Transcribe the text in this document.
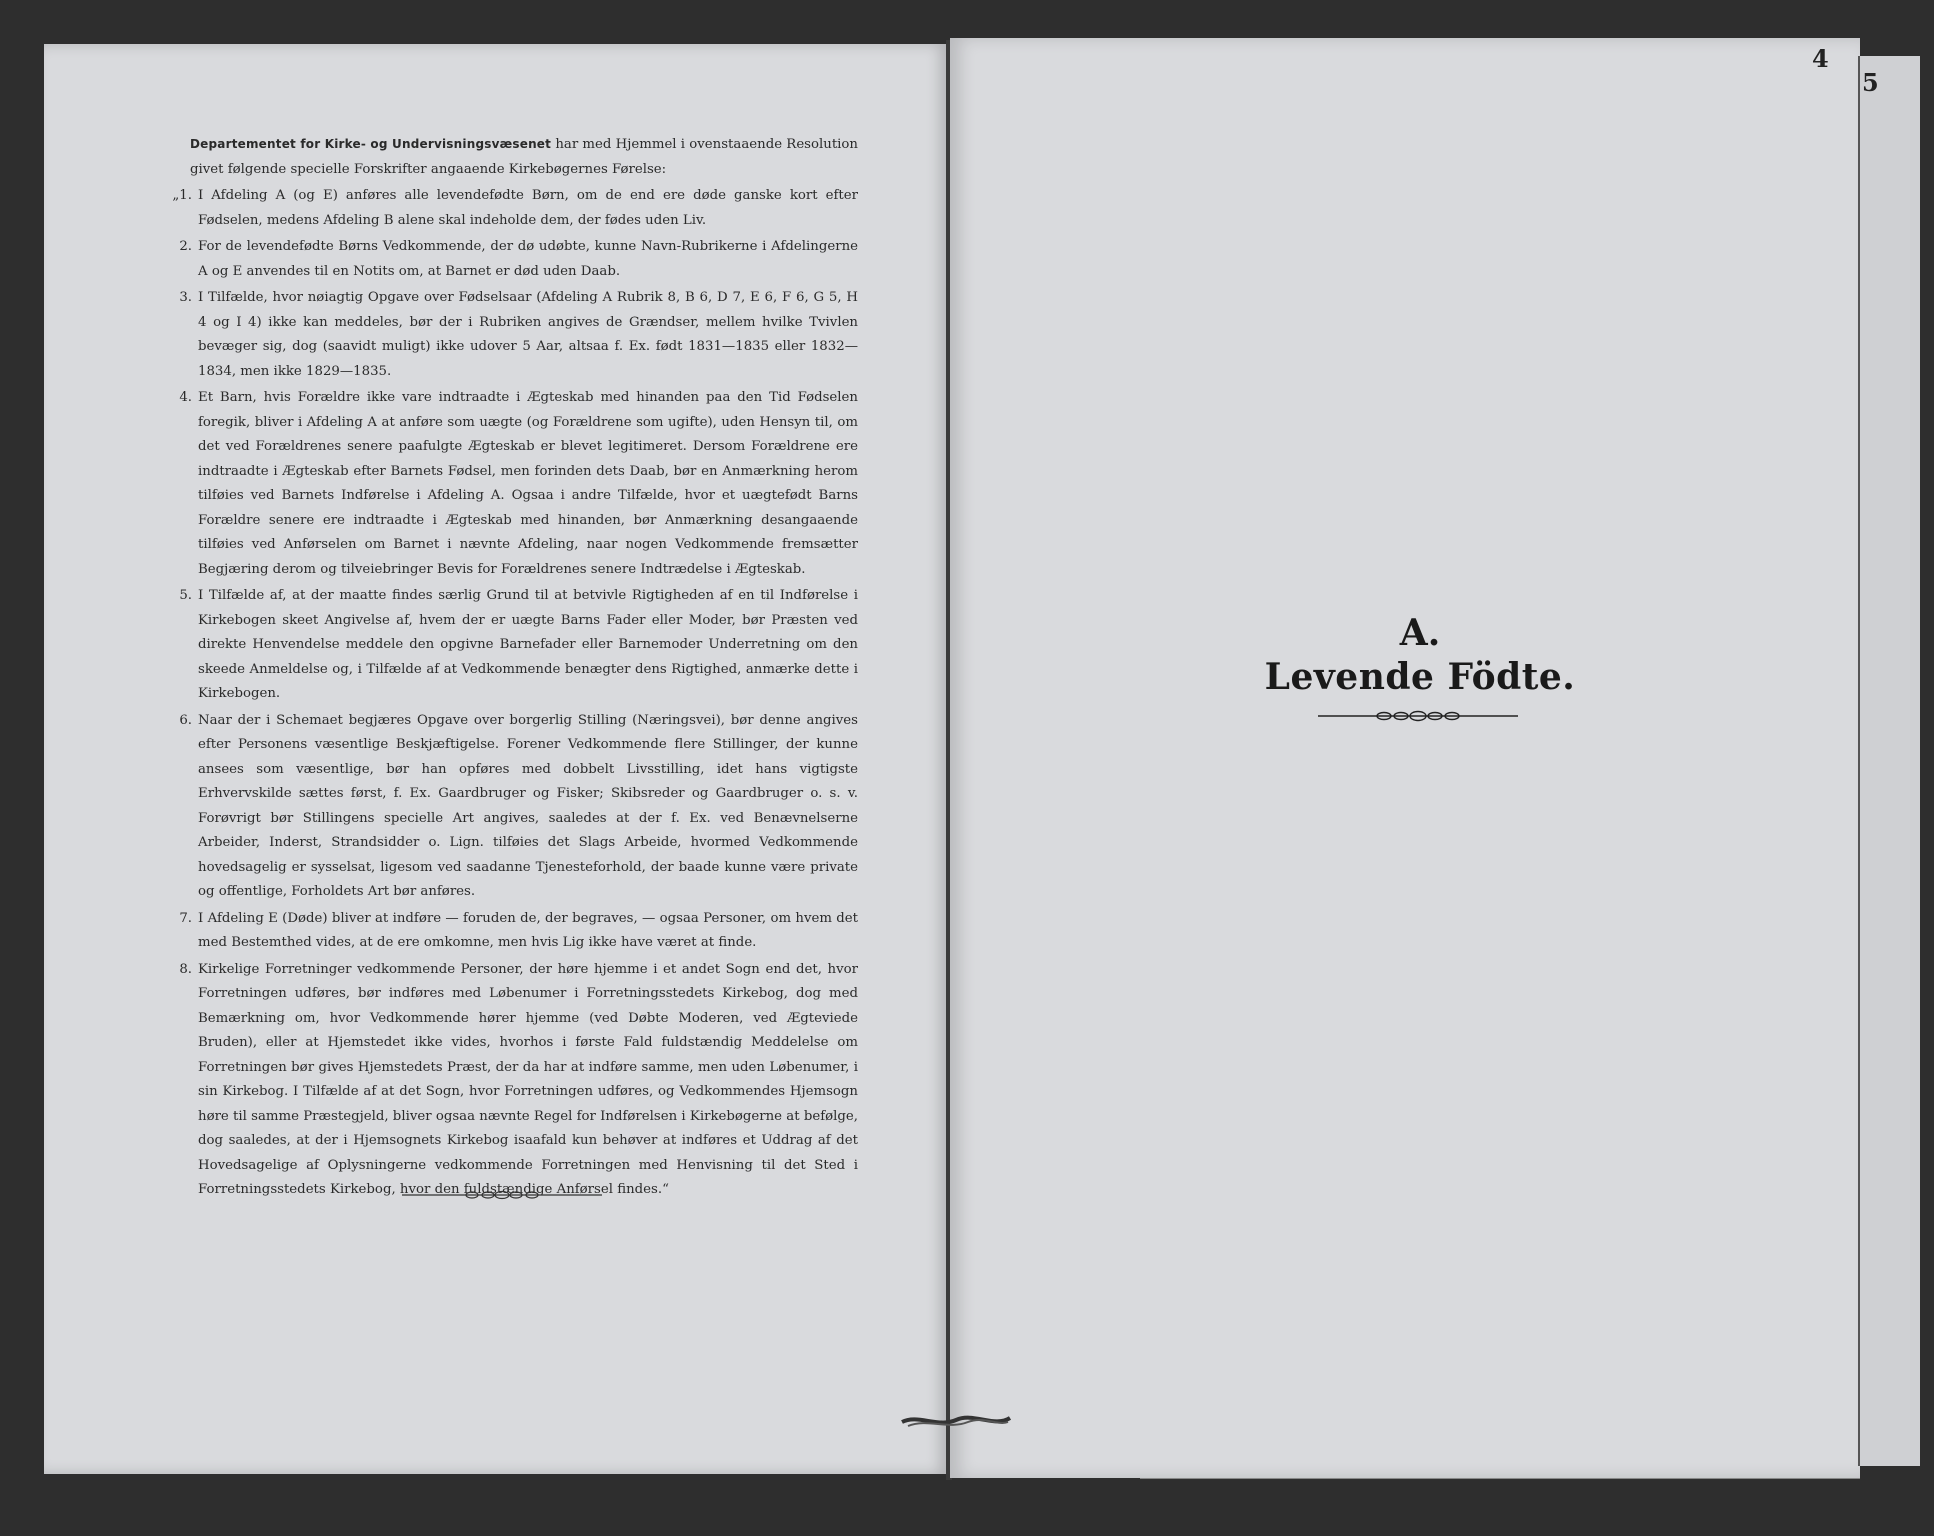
Departementet for Kirke- og Undervisningsvæsenet har med Hjemmel i ovenstaaende Resolution givet følgende specielle Forskrifter angaaende Kirkebøgernes Førelse:
„1. I Afdeling A (og E) anføres alle levendefødte Børn, om de end ere døde ganske kort efter Fødselen, medens Afdeling B alene skal indeholde dem, der fødes uden Liv.
2. For de levendefødte Børns Vedkommende, der dø udøbte, kunne Navn-Rubrikerne i Afdelingerne A og E anvendes til en Notits om, at Barnet er død uden Daab.
3. I Tilfælde, hvor nøiagtig Opgave over Fødselsaar (Afdeling A Rubrik 8, B 6, D 7, E 6, F 6, G 5, H 4 og I 4) ikke kan meddeles, bør der i Rubriken angives de Grændser, mellem hvilke Tvivlen bevæger sig, dog (saavidt muligt) ikke udover 5 Aar, altsaa f. Ex. født 1831—1835 eller 1832—1834, men ikke 1829—1835.
4. Et Barn, hvis Forældre ikke vare indtraadte i Ægteskab med hinanden paa den Tid Fødselen foregik, bliver i Afdeling A at anføre som uægte (og Forældrene som ugifte), uden Hensyn til, om det ved Forældrenes senere paafulgte Ægteskab er blevet legitimeret. Dersom Forældrene ere indtraadte i Ægteskab efter Barnets Fødsel, men forinden dets Daab, bør en Anmærkning herom tilføies ved Barnets Indførelse i Afdeling A. Ogsaa i andre Tilfælde, hvor et uægtefødt Barns Forældre senere ere indtraadte i Ægteskab med hinanden, bør Anmærkning desangaaende tilføies ved Anførselen om Barnet i nævnte Afdeling, naar nogen Vedkommende fremsætter Begjæring derom og tilveiebringer Bevis for Forældrenes senere Indtrædelse i Ægteskab.
5. I Tilfælde af, at der maatte findes særlig Grund til at betvivle Rigtigheden af en til Indførelse i Kirkebogen skeet Angivelse af, hvem der er uægte Barns Fader eller Moder, bør Præsten ved direkte Henvendelse meddele den opgivne Barnefader eller Barnemoder Underretning om den skeede Anmeldelse og, i Tilfælde af at Vedkommende benægter dens Rigtighed, anmærke dette i Kirkebogen.
6. Naar der i Schemaet begjæres Opgave over borgerlig Stilling (Næringsvei), bør denne angives efter Personens væsentlige Beskjæftigelse. Forener Vedkommende flere Stillinger, der kunne ansees som væsentlige, bør han opføres med dobbelt Livsstilling, idet hans vigtigste Erhvervskilde sættes først, f. Ex. Gaardbruger og Fisker; Skibsreder og Gaardbruger o. s. v. Forøvrigt bør Stillingens specielle Art angives, saaledes at der f. Ex. ved Benævnelserne Arbeider, Inderst, Strandsidder o. Lign. tilføies det Slags Arbeide, hvormed Vedkommende hovedsagelig er sysselsat, ligesom ved saadanne Tjenesteforhold, der baade kunne være private og offentlige, Forholdets Art bør anføres.
7. I Afdeling E (Døde) bliver at indføre — foruden de, der begraves, — ogsaa Personer, om hvem det med Bestemthed vides, at de ere omkomne, men hvis Lig ikke have været at finde.
8. Kirkelige Forretninger vedkommende Personer, der høre hjemme i et andet Sogn end det, hvor Forretningen udføres, bør indføres med Løbenumer i Forretningsstedets Kirkebog, dog med Bemærkning om, hvor Vedkommende hører hjemme (ved Døbte Moderen, ved Ægteviede Bruden), eller at Hjemstedet ikke vides, hvorhos i første Fald fuldstændig Meddelelse om Forretningen bør gives Hjemstedets Præst, der da har at indføre samme, men uden Løbenumer, i sin Kirkebog. I Tilfælde af at det Sogn, hvor Forretningen udføres, og Vedkommendes Hjemsogn høre til samme Præstegjeld, bliver ogsaa nævnte Regel for Indførelsen i Kirkebøgerne at befølge, dog saaledes, at der i Hjemsognets Kirkebog isaafald kun behøver at indføres et Uddrag af det Hovedsagelige af Oplysningerne vedkommende Forretningen med Henvisning til det Sted i Forretningsstedets Kirkebog, hvor den fuldstændige Anførsel findes.“
4
5
A.
Levende Födte.
